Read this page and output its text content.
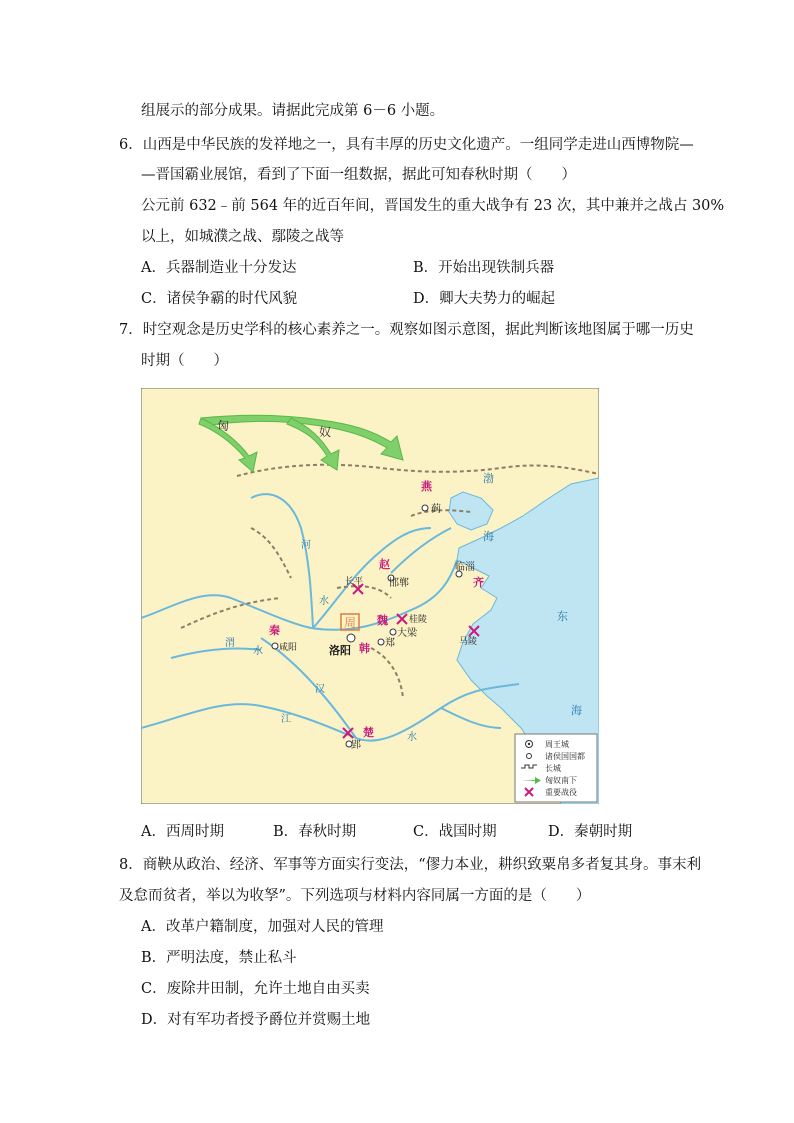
组展示的部分成果。请据此完成第 6－6 小题。
6．山西是中华民族的发祥地之一，具有丰厚的历史文化遗产。一组同学走进山西博物院—
—晋国霸业展馆，看到了下面一组数据，据此可知春秋时期（　　）
公元前 632﹣前 564 年的近百年间，晋国发生的重大战争有 23 次，其中兼并之战占 30%
以上，如城濮之战、鄢陵之战等
A．兵器制造业十分发达	B．开始出现铁制兵器
C．诸侯争霸的时代风貌	D．卿大夫势力的崛起
7．时空观念是历史学科的核心素养之一。观察如图示意图，据此判断该地图属于哪一历史
时期（　　）
匈	奴
燕
蓟
渤
海
赵
邯郸
长平
临淄
齐
桂陵
魏
大梁
秦
咸阳
周
洛阳 韩 郑	马陵
东
海
楚
郢
河
水
渭
水
汉
江
水
周王城
诸侯国国都
长城
匈奴南下
重要战役
A．西周时期	B．春秋时期	C．战国时期	D．秦朝时期
8．商鞅从政治、经济、军事等方面实行变法，“僇力本业，耕织致粟帛多者复其身。事末利
及怠而贫者，举以为收孥”。下列选项与材料内容同属一方面的是（　　）
A．改革户籍制度，加强对人民的管理
B．严明法度，禁止私斗
C．废除井田制，允许土地自由买卖
D．对有军功者授予爵位并赏赐土地
